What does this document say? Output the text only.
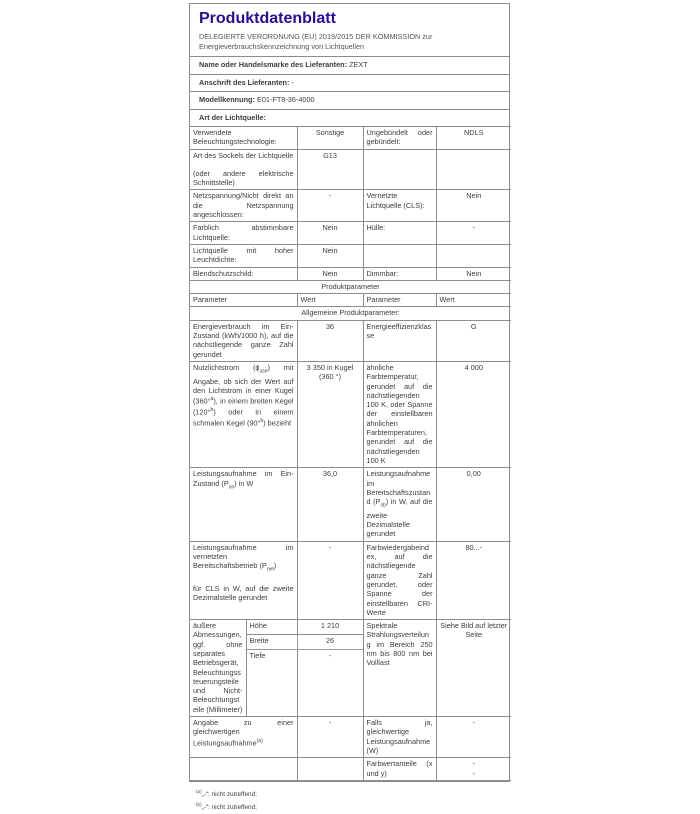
Produktdatenblatt
DELEGIERTE VERORDNUNG (EU) 2019/2015 DER KOMMISSION zur
Energieverbrauchskennzeichnung von Lichtquellen
Name oder Handelsmarke des Lieferanten: ZEXT
Anschrift des Lieferanten: -
Modellkennung: E01-FT8-36-4000
Art der Lichtquelle:
Verwendete Beleuchtungstechnologie:		Sonstige	Ungebündelt oder gebündelt:	NDLS

Art des Sockels der Lichtquelle
(oder andere elektrische Schnittstelle)		G13		
Netzspannung/Nicht direkt an die Netzspannung angeschlossen:		-	Vernetzte Lichtquelle (CLS):	Nein
Farblich abstimmbare Lichtquelle:		Nein	Hülle:	-
Lichtquelle mit hoher Leuchtdichte:		Nein		
Blendschutzschild:		Nein	Dimmbar:	Nein
Produktparameter				
Parameter		Wert	Parameter	Wert
Allgemeine Produktparameter:				
Energieverbrauch im Ein-Zustand (kWh/1000 h), auf die nächstliegende ganze Zahl gerundet		36	Energieeffizienzklasse	G
Nutzlichtstrom $(\phi_{use})$ mit Angabe, ob sich der Wert auf den Lichtstrom in einer Kugel (360°$^a$), in einem breiten Kegel (120°$^b$) oder in einem schmalen Kegel (90°$^b$) bezieht		3 350 in Kugel (360 °)	ähnliche Farbtemperatur, gerundet auf die nächstliegenden 100 K, oder Spanne der einstellbaren ähnlichen Farbtemperaturen, gerundet auf die nächstliegenden 100 K	4 000
Leistungsaufnahme im Ein-Zustand $(P_{on})$ in W		36,0	Leistungsaufnahme im Bereitschaftszustand $(P_{sb})$ in W, auf die zweite Dezimalstelle gerundet	0,00

Leistungsaufnahme im vernetzten Bereitschaftsbetrieb $(P_{net})$
für CLS in W, auf die zweite Dezimalstelle gerundet		-	Farbwiedergabeindex, auf die nächstliegende ganze Zahl gerundet, oder Spanne der einstellbaren CRI-Werte	80...-
äußere Abmessungen, ggf. ohne separates Betriebsgerät, Beleuchtungssteuerungsteile und Nicht-Beleuchtungsteile (Millimeter)	Höhe	1 210	Spektrale Strahlungsverteilung im Bereich 250 nm bis 800 nm bei Volllast	Siehe Bild auf letzter Seite
	Breite	26		
	Tiefe	-		
Angabe zu einer gleichwertigen Leistungsaufnahme$^{(a)}$		-	Falls ja, gleichwertige Leistungsaufnahme (W)	-
			Farbwertanteile (x und y)	-
-
$^{(a)}$„-“: nicht zutreffend;
$^{(b)}$„-“: nicht zutreffend;
